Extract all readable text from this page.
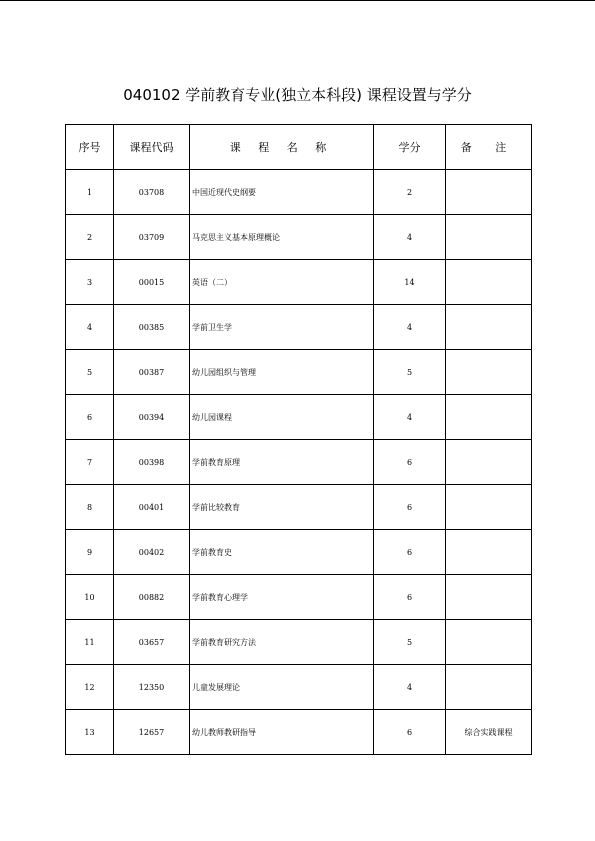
040102 学前教育专业(独立本科段) 课程设置与学分
序号	课程代码	课 程 名 称	学分	备 注
1	03708	中国近现代史纲要	2	
2	03709	马克思主义基本原理概论	4	
3	00015	英语（二）	14	
4	00385	学前卫生学	4	
5	00387	幼儿园组织与管理	5	
6	00394	幼儿园课程	4	
7	00398	学前教育原理	6	
8	00401	学前比较教育	6	
9	00402	学前教育史	6	
10	00882	学前教育心理学	6	
11	03657	学前教育研究方法	5	
12	12350	儿童发展理论	4	
13	12657	幼儿教师教研指导	6	综合实践课程
